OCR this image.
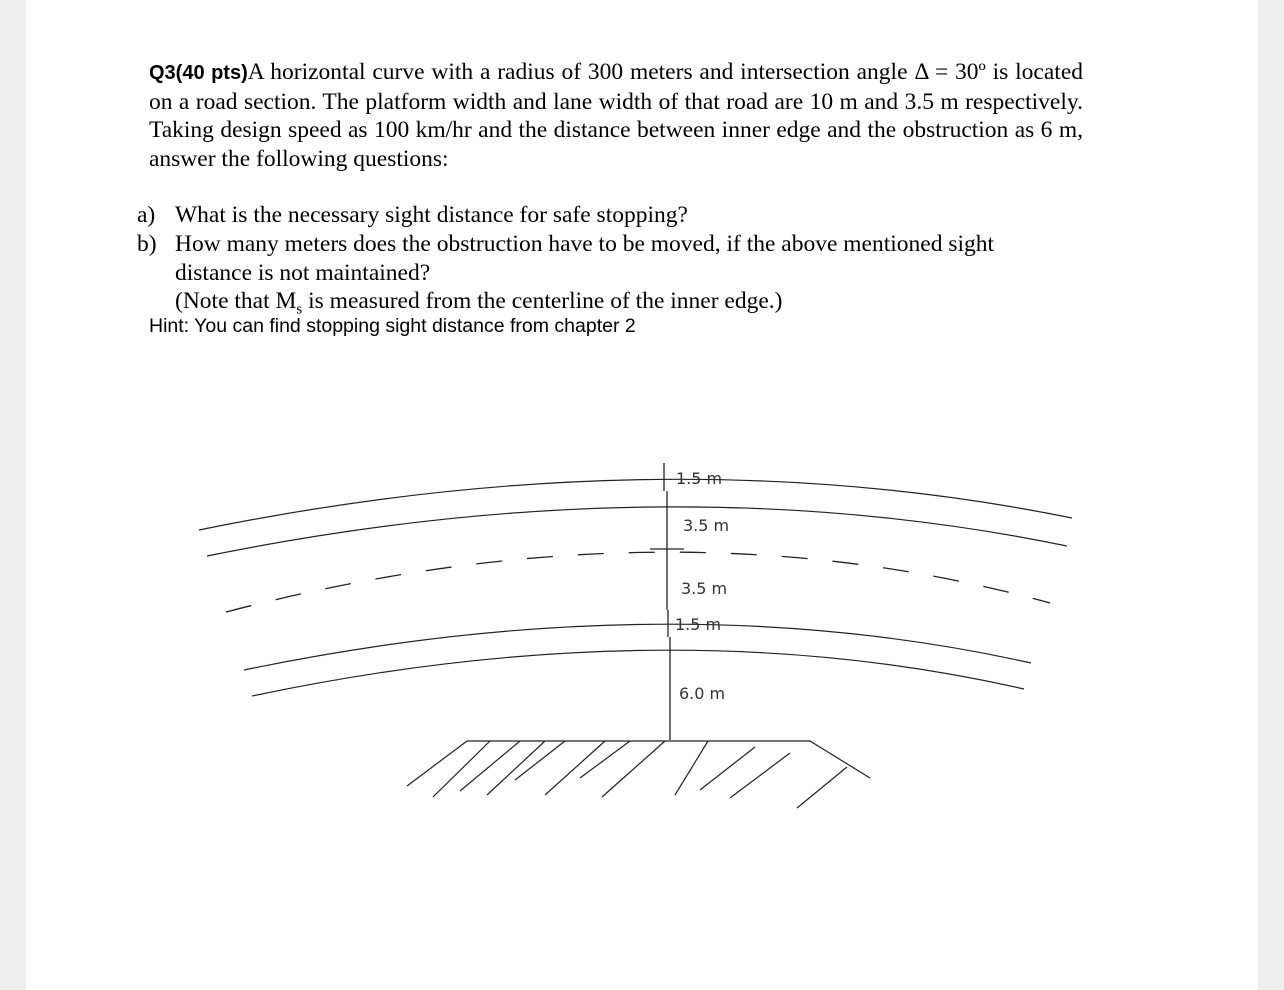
Q3(40 pts)A horizontal curve with a radius of 300 meters and intersection angle Δ = 30º is located on a road section. The platform width and lane width of that road are 10 m and 3.5 m respectively. Taking design speed as 100 km/hr and the distance between inner edge and the obstruction as 6 m, answer the following questions:
a) What is the necessary sight distance for safe stopping?
b) How many meters does the obstruction have to be moved, if the above mentioned sight distance is not maintained?
(Note that $M_s$ is measured from the centerline of the inner edge.)
Hint: You can find stopping sight distance from chapter 2
1.5 m
3.5 m
3.5 m
1.5 m
6.0 m
